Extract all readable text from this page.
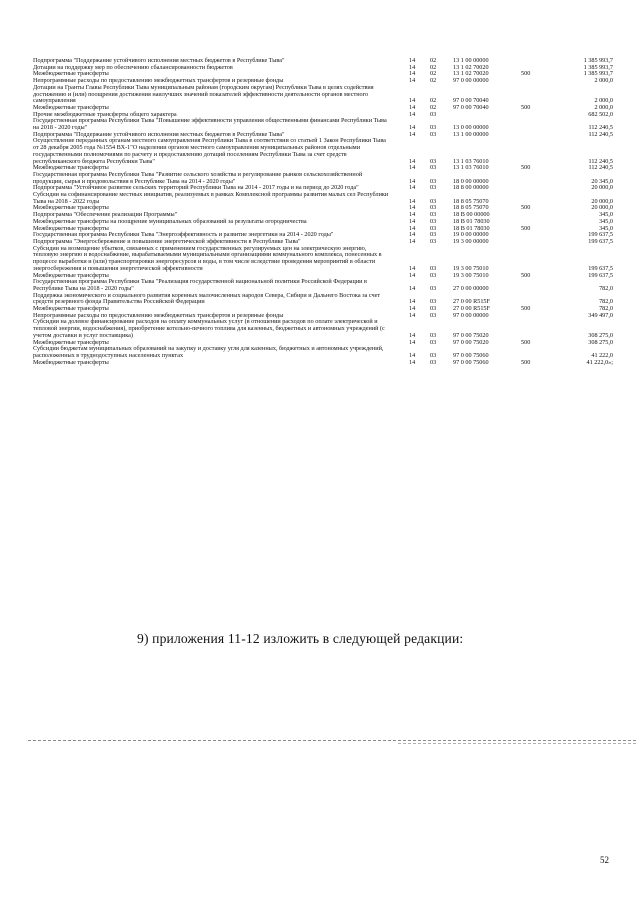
Подпрограмма "Поддержание устойчивого исполнения местных бюджетов в Республике Тыва"	14 02	13 1 00 00000	1 385 993,7
Дотации на поддержку мер по обеспечению сбалансированности бюджетов	14 02	13 1 02 70020	1 385 993,7
Межбюджетные трансферты	14 02	13 1 02 70020	500	1 385 993,7
Непрограммные расходы по предоставлению межбюджетных трансфертов и резервные фонды	14 02	97 0 00 00000	2 000,0
Дотации на Гранты Главы Республики Тыва муниципальным районам (городским округам) Республики Тыва в целях содействия достижению и (или) поощрения достижения наилучших значений показателей эффективности деятельности органов местного самоуправления	14 02	97 0 00 70040	2 000,0
Межбюджетные трансферты	14 02	97 0 00 70040	500	2 000,0
Прочие межбюджетные трансферты общего характера	14 03	682 502,0
Государственная программа Республики Тыва "Повышение эффективности управления общественными финансами Республики Тыва на 2018 - 2020 годы"	14 03	13 0 00 00000	112 240,5
Подпрограмма "Поддержание устойчивого исполнения местных бюджетов в Республике Тыва"	14 03	13 1 00 00000	112 240,5
Осуществление переданных органам местного самоуправления Республики Тыва в соответствии со статьей 1 Закон Республики Тыва от 28 декабря 2005 года №1554 ВХ-1"О наделении органов местного самоуправления муниципальных районов отдельными государственными полномочиями по расчету и предоставлению дотаций поселениям Республики Тыва за счет средств республиканского бюджета Республики Тыва"	14 03	13 1 03 76010	112 240,5
Межбюджетные трансферты	14 03	13 1 03 76010	500	112 240,5
Государственная программа Республики Тыва "Развитие сельского хозяйства и регулирование рынков сельскохозяйственной продукции, сырья и продовольствия в Республике Тыва на 2014 - 2020 годы"	14 03	18 0 00 00000	20 345,0
Подпрограмма "Устойчивое развитие сельских территорий Республики Тыва на 2014 - 2017 годы и на период до 2020 года"	14 03	18 8 00 00000	20 000,0
Субсидии на софинансирование местных инициатив, реализуемых в рамках Комплексной программы развития малых сел Республики Тыва на 2018 - 2022 годы	14 03	18 8 05 75070	20 000,0
Межбюджетные трансферты	14 03	18 8 05 75070	500	20 000,0
Подпрограмма "Обеспечение реализации Программы"	14 03	18 В 00 00000	345,0
Межбюджетные трансферты на поощрение муниципальных образований за результаты огородничества	14 03	18 В 01 78030	345,0
Межбюджетные трансферты	14 03	18 В 01 78030	500	345,0
Государственная программа Республики Тыва "Энергоэффективность и развитие энергетики на 2014 - 2020 годы"	14 03	19 0 00 00000	199 637,5
Подпрограмма "Энергосбережение и повышение энергетической эффективности в Республике Тыва"	14 03	19 3 00 00000	199 637,5
Субсидии на возмещение убытков, связанных с применением государственных регулируемых цен на электрическую энергию, тепловую энергию и водоснабжение, вырабатываемыми муниципальными организациями коммунального комплекса, понесенных в процессе выработки и (или) транспортировки энергоресурсов и воды, в том числе вследствие проведения мероприятий в области энергосбережения и повышения энергетической эффективности	14 03	19 3 00 75010	199 637,5
Межбюджетные трансферты	14 03	19 3 00 75010	500	199 637,5
Государственная программа Республики Тыва "Реализация государственной национальной политики Российской Федерации в Республике Тыва на 2018 - 2020 годы"	14 03	27 0 00 00000	782,0
Поддержка экономического и социального развития коренных малочисленных народов Севера, Сибири и Дальнего Востока за счет средств резервного фонда Правительства Российской Федерации	14 03	27 0 00 R515F	782,0
Межбюджетные трансферты	14 03	27 0 00 R515F	500	782,0
Непрограммные расходы по предоставлению межбюджетных трансфертов и резервные фонды	14 03	97 0 00 00000	349 497,0
Субсидии на долевое финансирование расходов на оплату коммунальных услуг (в отношении расходов по оплате электрической и тепловой энергии, водоснабжения), приобретение котельно-печного топлива для казенных, бюджетных и автономных учреждений (с учетом доставки и услуг поставщика)	14 03	97 0 00 75020	308 275,0
Межбюджетные трансферты	14 03	97 0 00 75020	500	308 275,0
Субсидии бюджетам муниципальных образований на закупку и доставку угля для казенных, бюджетных и автономных учреждений, расположенных в труднодоступных населенных пунктах	14 03	97 0 00 75060	41 222,0
Межбюджетные трансферты	14 03	97 0 00 75060	500	41 222,0»;
9) приложения 11-12 изложить в следующей редакции:
52
